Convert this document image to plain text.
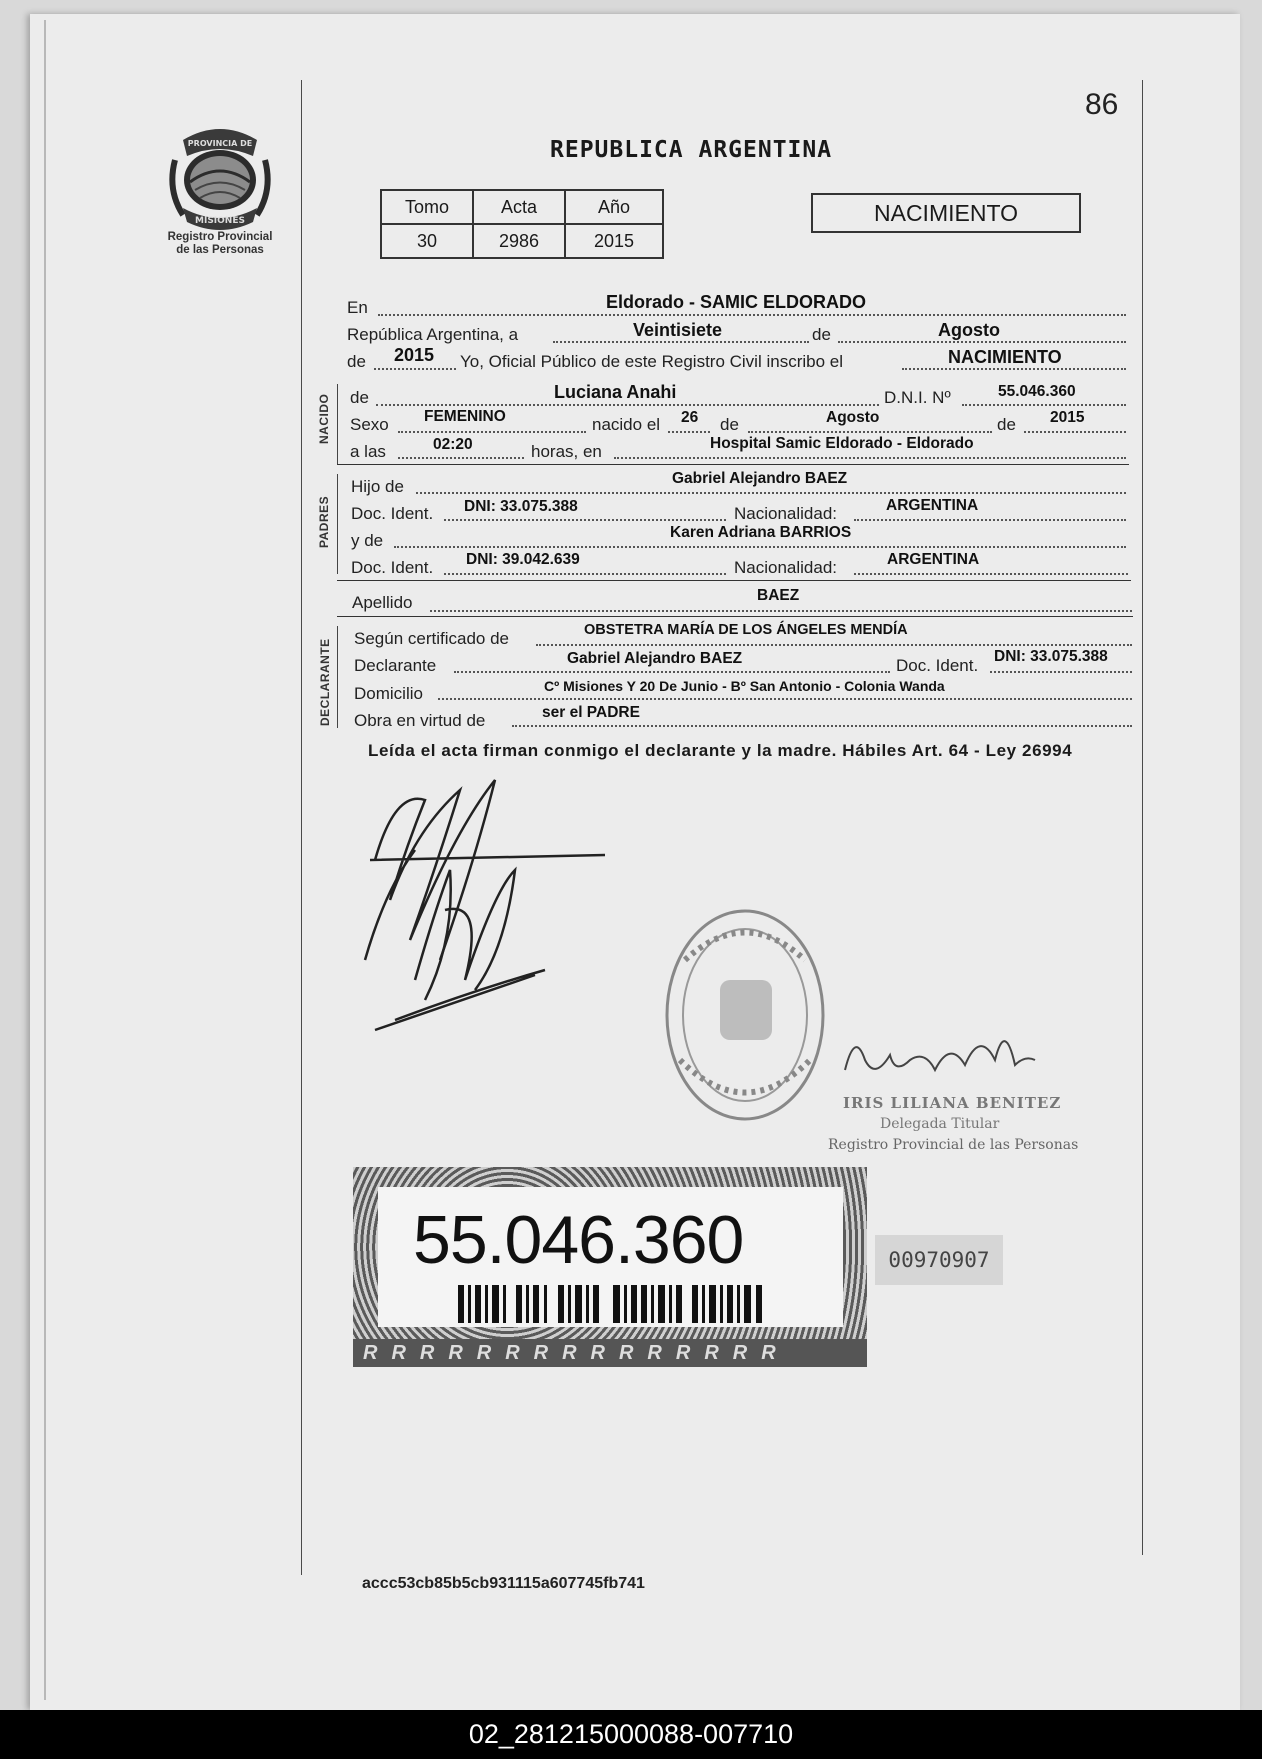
86
PROVINCIA DE
MISIONES
Registro Provincial
de las Personas
REPUBLICA ARGENTINA
Tomo	Acta	Año
30	2986	2015
NACIMIENTO
En	Eldorado - SAMIC ELDORADO
República Argentina, a	Veintisiete	de	Agosto
de 2015 Yo, Oficial Público de este Registro Civil inscribo el	NACIMIENTO
NACIDO de	Luciana Anahi	D.N.I. Nº	55.046.360
Sexo FEMENINO	nacido el 26 de	Agosto	de 2015
a las	02:20	horas, en	Hospital Samic Eldorado - Eldorado
PADRES
Hijo de	Gabriel Alejandro BAEZ
Doc. Ident. DNI: 33.075.388	Nacionalidad:	ARGENTINA
y de	Karen Adriana BARRIOS
Doc. Ident. DNI: 39.042.639	Nacionalidad:	ARGENTINA
Apellido	BAEZ
DECLARANTE Según certificado de	OBSTETRA MARÍA DE LOS ÁNGELES MENDÍA
Declarante	Gabriel Alejandro BAEZ	Doc. Ident. DNI: 33.075.388
Domicilio	Cº Misiones Y 20 De Junio - Bº San Antonio - Colonia Wanda
Obra en virtud de	ser el PADRE
Leída el acta firman conmigo el declarante y la madre. Hábiles Art. 64 - Ley 26994
IRIS LILIANA BENITEZ
Delegada Titular
Registro Provincial de las Personas
55.046.360
RRRRRRRRRRRRRRR
00970907
accc53cb85b5cb931115a607745fb741
02_281215000088-007710
